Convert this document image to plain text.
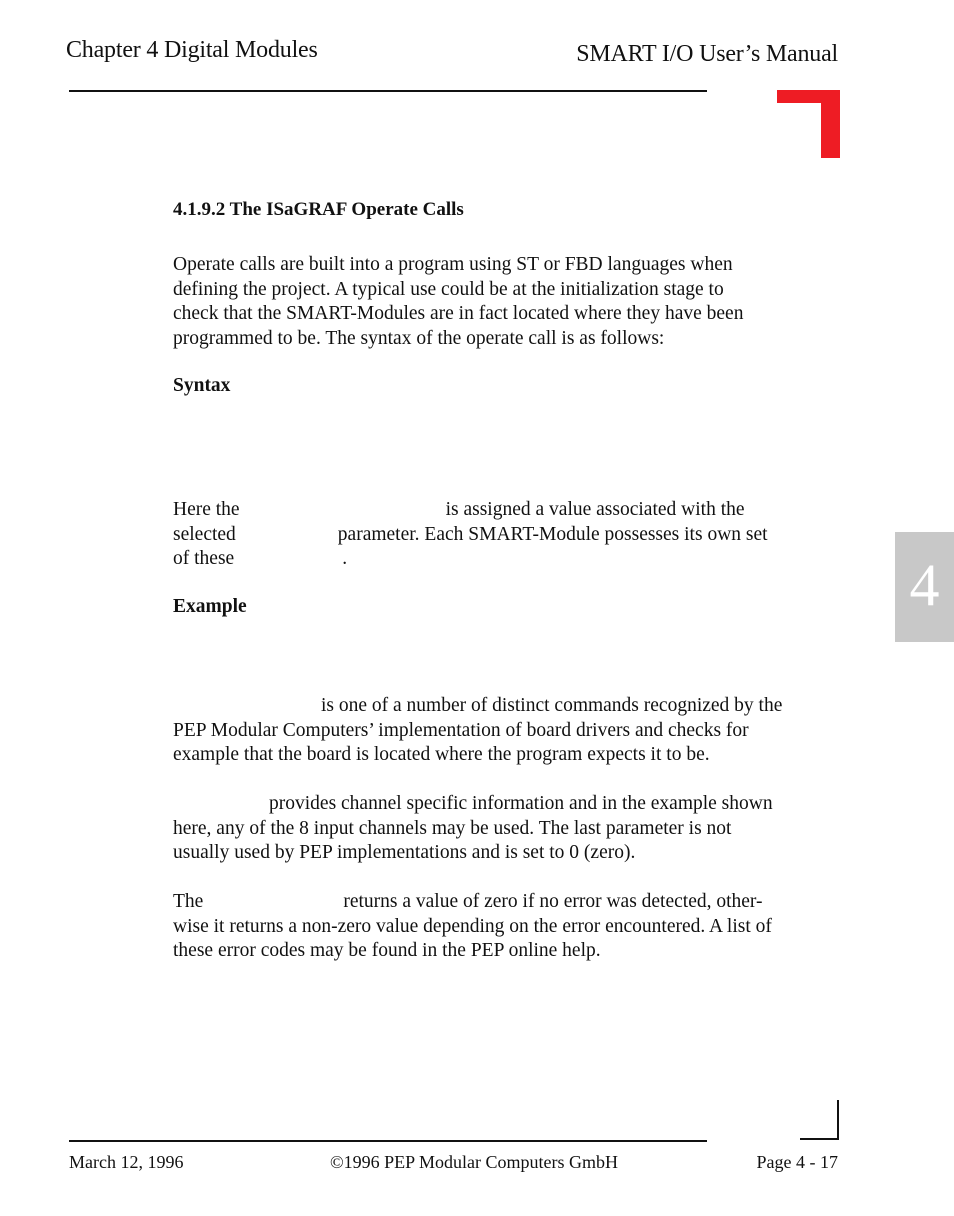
Chapter 4 Digital Modules	SMART I/O User’s Manual
4.1.9.2 The ISaGRAF Operate Calls
Operate calls are built into a program using ST or FBD languages when
defining the project. A typical use could be at the initialization stage to
check that the SMART-Modules are in fact located where they have been
programmed to be. The syntax of the operate call is as follows:
Syntax
Here the	is assigned a value associated with the
selected	parameter. Each SMART-Module possesses its own set
of these	.
Example
is one of a number of distinct commands recognized by the
PEP Modular Computers’ implementation of board drivers and checks for
example that the board is located where the program expects it to be.
provides channel specific information and in the example shown
here, any of the 8 input channels may be used. The last parameter is not
usually used by PEP implementations and is set to 0 (zero).
The	returns a value of zero if no error was detected, other-
wise it returns a non-zero value depending on the error encountered. A list of
these error codes may be found in the PEP online help.
4
March 12, 1996	©1996 PEP Modular Computers GmbH	Page 4 - 17
